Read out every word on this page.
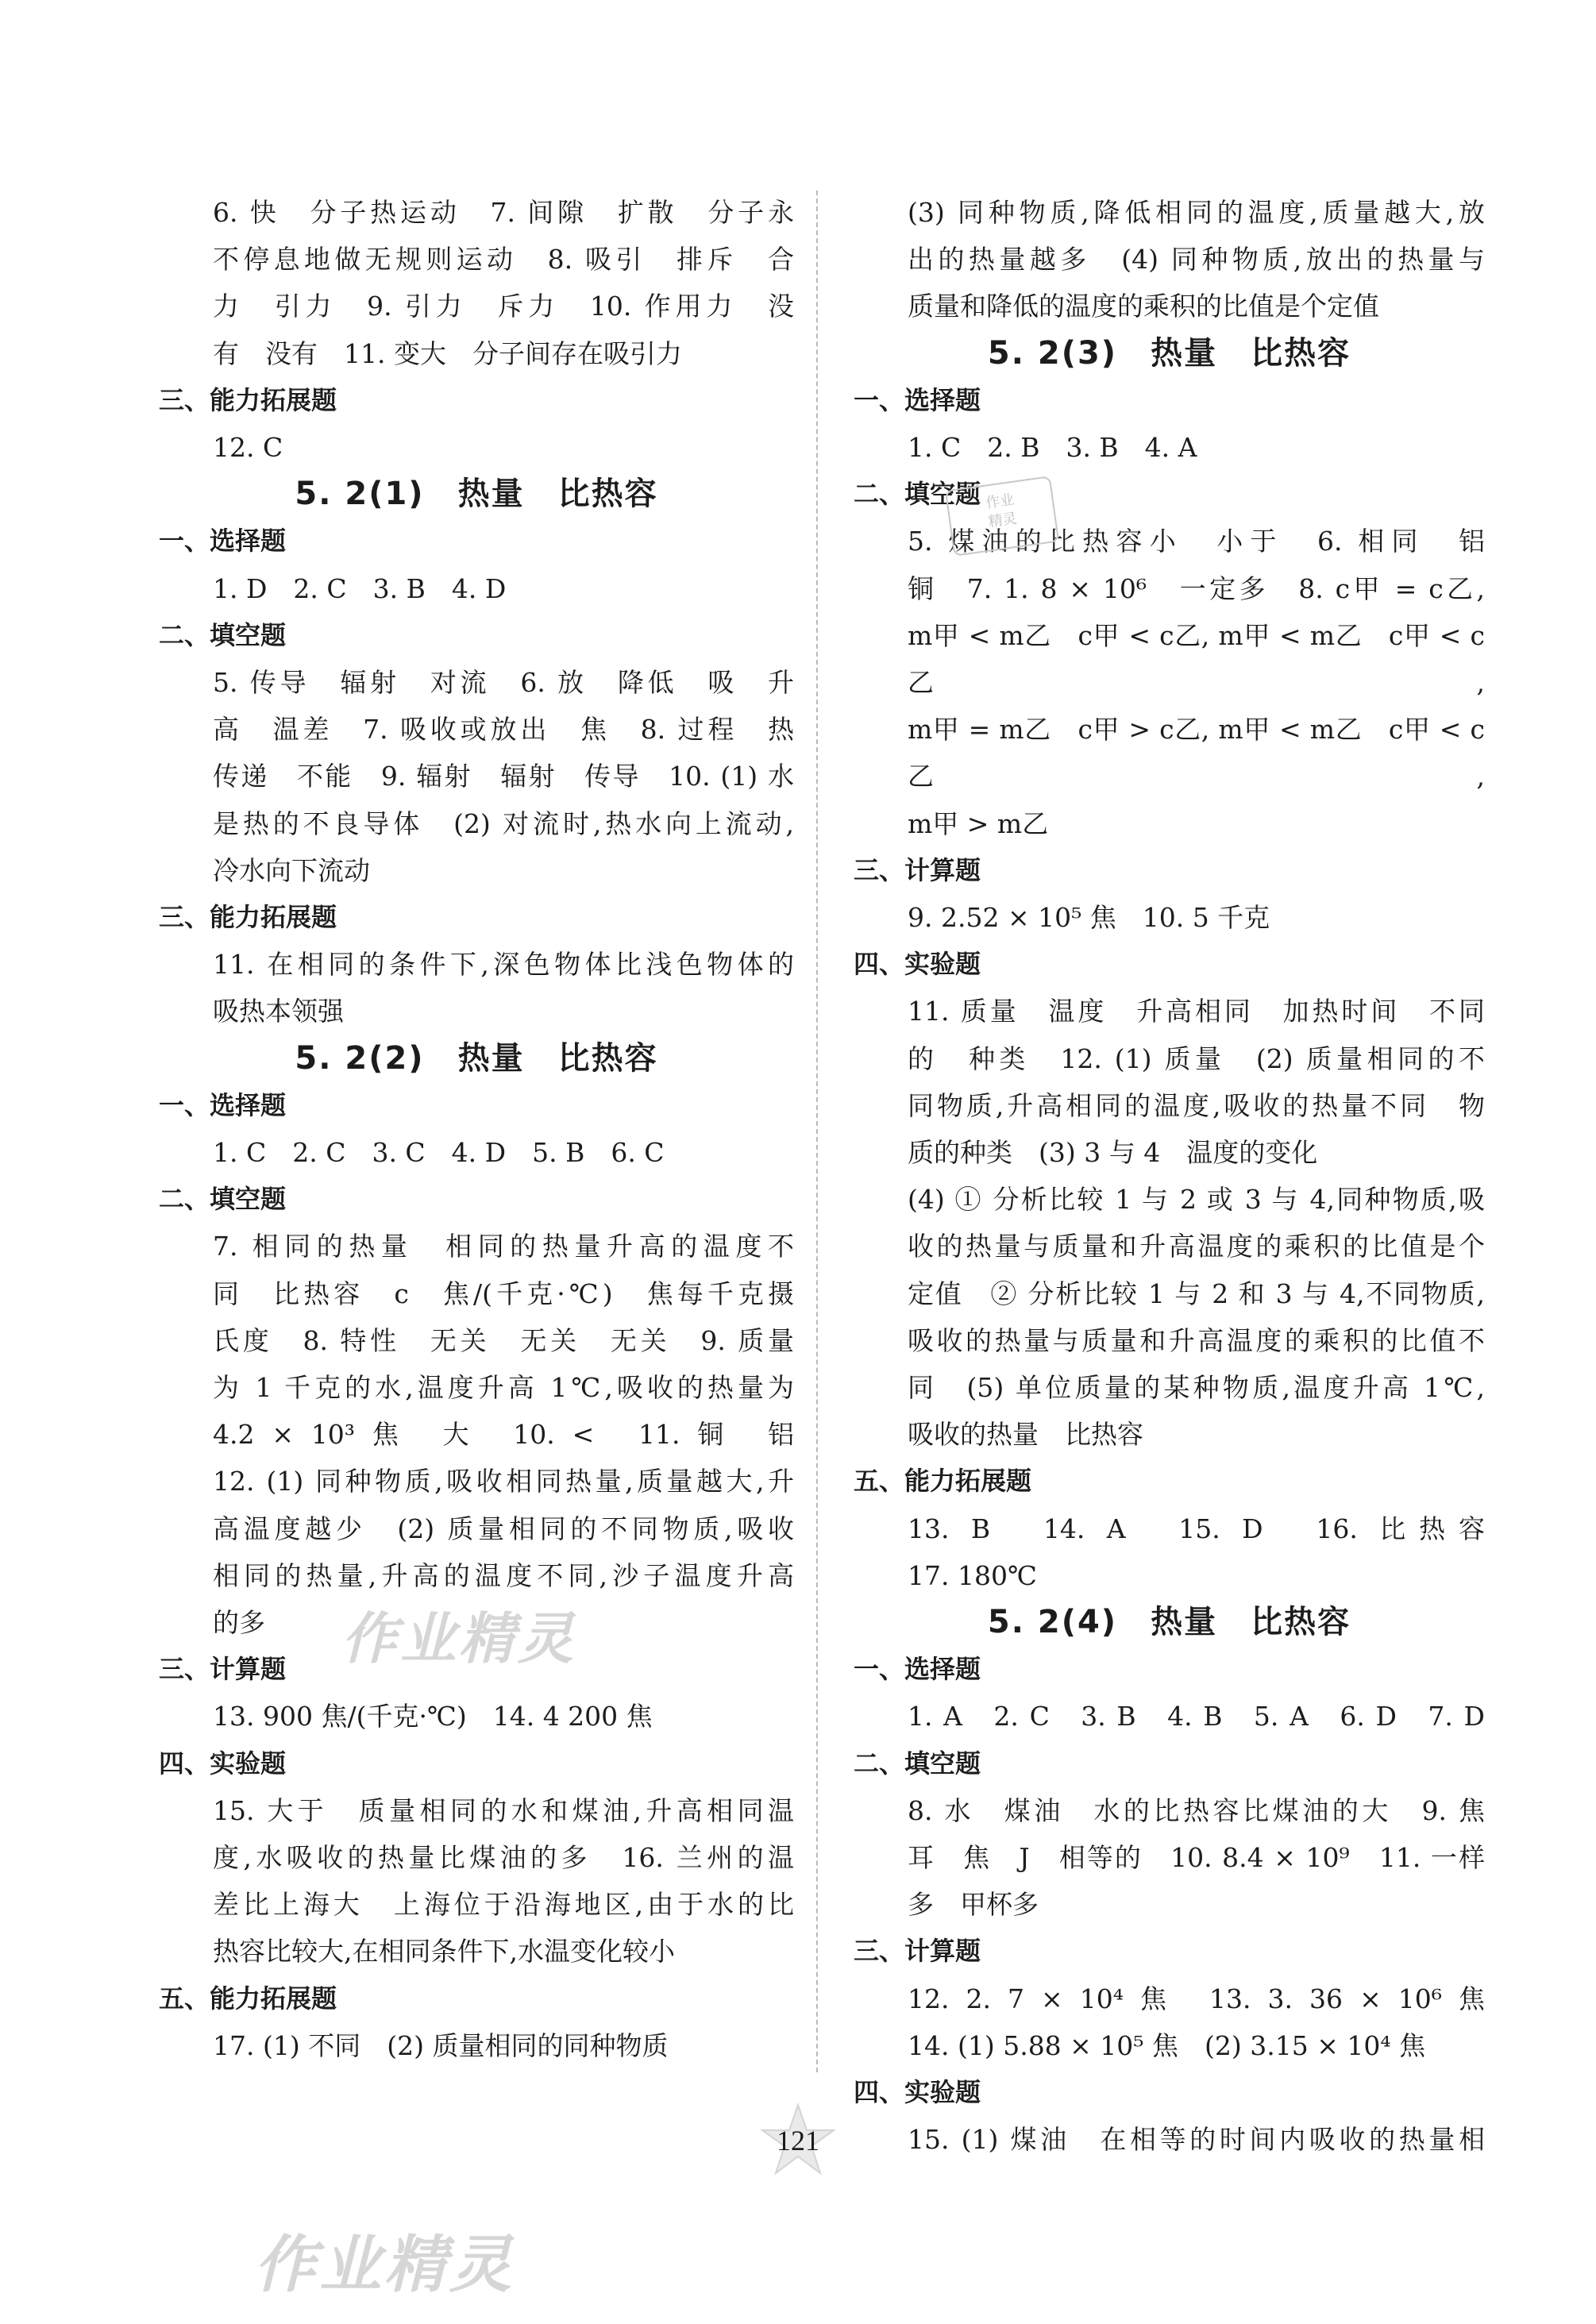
6. 快　分子热运动　7. 间隙　扩散　分子永

不停息地做无规则运动　8. 吸引　排斥　合

力　引力　9. 引力　斥力　10. 作用力　没

有　没有　11. 变大　分子间存在吸引力

三、能力拓展题

12. C

5. 2(1)　热量　比热容
一、选择题

1. D　2. C　3. B　4. D

二、填空题

5. 传导　辐射　对流　6. 放　降低　吸　升

高　温差　7. 吸收或放出　焦　8. 过程　热

传递　不能　9. 辐射　辐射　传导　10. (1) 水

是热的不良导体　(2) 对流时,热水向上流动,

冷水向下流动

三、能力拓展题

11. 在相同的条件下,深色物体比浅色物体的

吸热本领强

5. 2(2)　热量　比热容
一、选择题

1. C　2. C　3. C　4. D　5. B　6. C

二、填空题

7. 相同的热量　相同的热量升高的温度不

同　比热容　c　焦/(千克·℃)　焦每千克摄

氏度　8. 特性　无关　无关　无关　9. 质量

为 1 千克的水,温度升高 1℃,吸收的热量为

4.2 × 10³ 焦　大　10. <　11. 铜　铝

12. (1) 同种物质,吸收相同热量,质量越大,升

高温度越少　(2) 质量相同的不同物质,吸收

相同的热量,升高的温度不同,沙子温度升高

的多

三、计算题

13. 900 焦/(千克·℃)　14. 4 200 焦

四、实验题

15. 大于　质量相同的水和煤油,升高相同温

度,水吸收的热量比煤油的多　16. 兰州的温

差比上海大　上海位于沿海地区,由于水的比

热容比较大,在相同条件下,水温变化较小

五、能力拓展题

17. (1) 不同　(2) 质量相同的同种物质

(3) 同种物质,降低相同的温度,质量越大,放

出的热量越多　(4) 同种物质,放出的热量与

质量和降低的温度的乘积的比值是个定值

5. 2(3)　热量　比热容
一、选择题

1. C　2. B　3. B　4. A

二、填空题

5. 煤油的比热容小　小于　6. 相同　铝

铜　7. 1. 8 × 10⁶　一定多　8. c甲 = c乙,

m甲 < m乙　c甲 < c乙, m甲 < m乙　c甲 < c乙,

m甲 = m乙　c甲 > c乙, m甲 < m乙　c甲 < c乙,

m甲 > m乙

三、计算题

9. 2.52 × 10⁵ 焦　10. 5 千克

四、实验题

11. 质量　温度　升高相同　加热时间　不同

的　种类　12. (1) 质量　(2) 质量相同的不

同物质,升高相同的温度,吸收的热量不同　物

质的种类　(3) 3 与 4　温度的变化

(4) ① 分析比较 1 与 2 或 3 与 4,同种物质,吸

收的热量与质量和升高温度的乘积的比值是个

定值　② 分析比较 1 与 2 和 3 与 4,不同物质,

吸收的热量与质量和升高温度的乘积的比值不

同　(5) 单位质量的某种物质,温度升高 1℃,

吸收的热量　比热容

五、能力拓展题

13. B　14. A　15. D　16. 比热容

17. 180℃

5. 2(4)　热量　比热容
一、选择题

1. A　2. C　3. B　4. B　5. A　6. D　7. D

二、填空题

8. 水　煤油　水的比热容比煤油的大　9. 焦

耳　焦　J　相等的　10. 8.4 × 10⁹　11. 一样

多　甲杯多

三、计算题

12. 2. 7 × 10⁴ 焦　13. 3. 36 × 10⁶ 焦

14. (1) 5.88 × 10⁵ 焦　(2) 3.15 × 10⁴ 焦

四、实验题

15. (1) 煤油　在相等的时间内吸收的热量相

作业精灵
作业精灵
作业
精灵
121
